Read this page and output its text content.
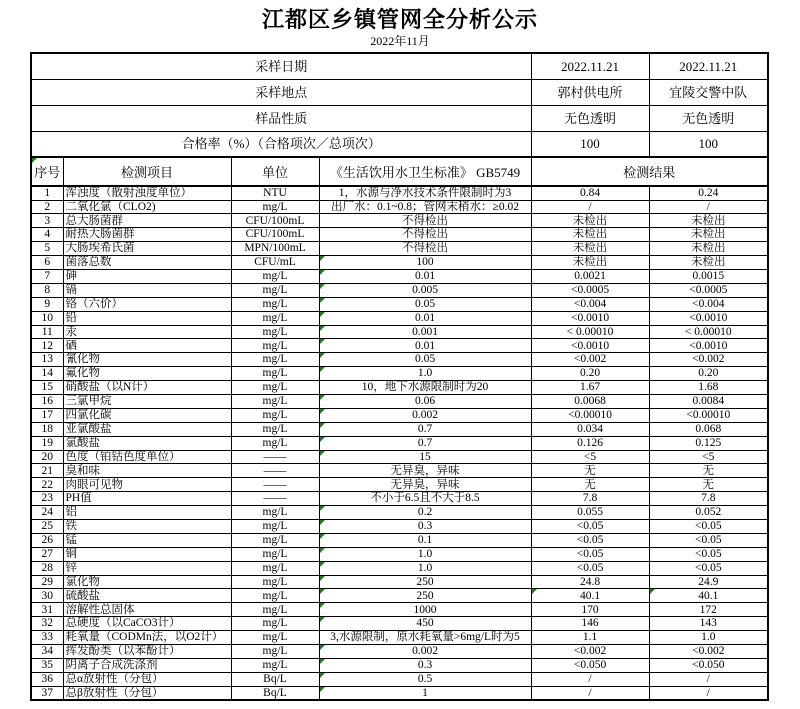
江都区乡镇管网全分析公示
2022年11月
采样日期				2022.11.21	2022.11.21
采样地点				郭村供电所	宜陵交警中队
样品性质				无色透明	无色透明
合格率（%）（合格项次／总项次）				100	100
序号	检测项目	单位	《生活饮用水卫生标准》 GB5749	检测结果	
1	浑浊度（散射浊度单位）	NTU	1，水源与净水技术条件限制时为3	0.84	0.24
2	二氧化氯（CLO2)	mg/L	出厂水：0.1~0.8；管网末稍水：≥0.02	/	/
3	总大肠菌群	CFU/100mL	不得检出	未检出	未检出
4	耐热大肠菌群	CFU/100mL	不得检出	未检出	未检出
5	大肠埃希氏菌	MPN/100mL	不得检出	未检出	未检出
6	菌落总数	CFU/mL	100	未检出	未检出
7	砷	mg/L	0.01	0.0021	0.0015
8	镉	mg/L	0.005	<0.0005	<0.0005
9	铬（六价）	mg/L	0.05	<0.004	<0.004
10	铅	mg/L	0.01	<0.0010	<0.0010
11	汞	mg/L	0.001	< 0.00010	< 0.00010
12	硒	mg/L	0.01	<0.0010	<0.0010
13	氰化物	mg/L	0.05	<0.002	<0.002
14	氟化物	mg/L	1.0	0.20	0.20
15	硝酸盐（以N计）	mg/L	10，地下水源限制时为20	1.67	1.68
16	三氯甲烷	mg/L	0.06	0.0068	0.0084
17	四氯化碳	mg/L	0.002	<0.00010	<0.00010
18	亚氯酸盐	mg/L	0.7	0.034	0.068
19	氯酸盐	mg/L	0.7	0.126	0.125
20	色度（铂钴色度单位）	——	15	<5	<5
21	臭和味	——	无异臭，异味	无	无
22	肉眼可见物	——	无异臭，异味	无	无
23	PH值	——	不小于6.5且不大于8.5	7.8	7.8
24	铝	mg/L	0.2	0.055	0.052
25	铁	mg/L	0.3	<0.05	<0.05
26	锰	mg/L	0.1	<0.05	<0.05
27	铜	mg/L	1.0	<0.05	<0.05
28	锌	mg/L	1.0	<0.05	<0.05
29	氯化物	mg/L	250	24.8	24.9
30	硫酸盐	mg/L	250	40.1	40.1
31	溶解性总固体	mg/L	1000	170	172
32	总硬度（以CaCO3计）	mg/L	450	146	143
33	耗氧量（CODMn法，以O2计）	mg/L	3,水源限制，原水耗氧量>6mg/L时为5	1.1	1.0
34	挥发酚类（以苯酚计）	mg/L	0.002	<0.002	<0.002
35	阴离子合成洗涤剂	mg/L	0.3	<0.050	<0.050
36	总α放射性（分包）	Bq/L	0.5	/	/
37	总β放射性（分包）	Bq/L	1	/	/
